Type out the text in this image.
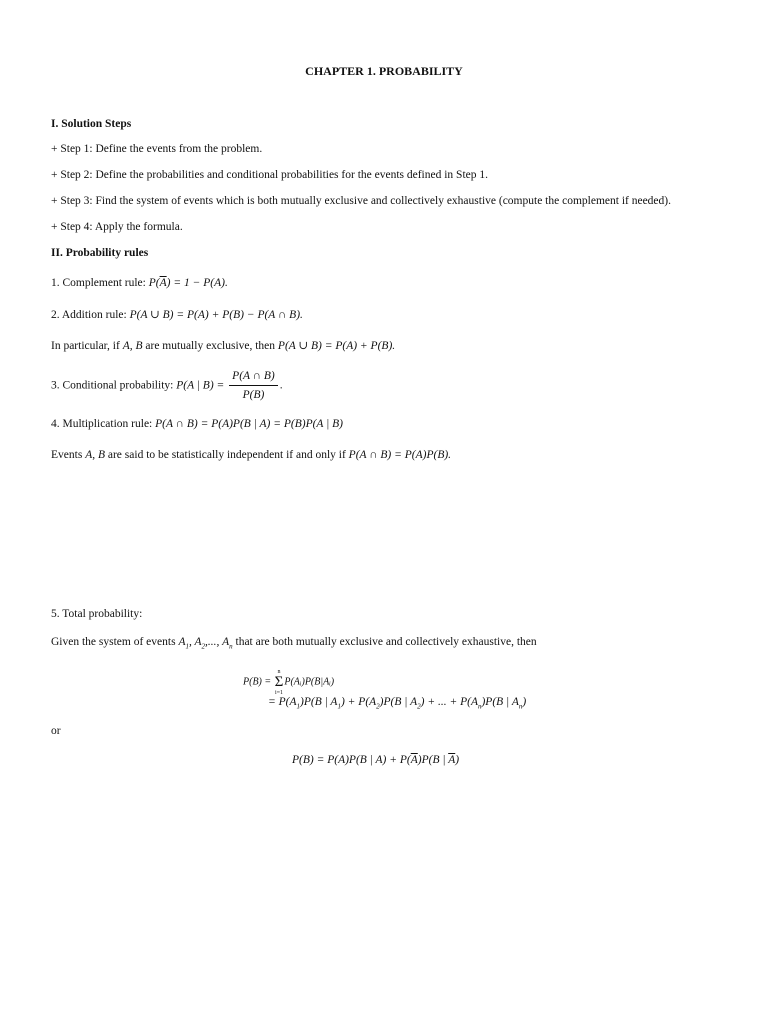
CHAPTER 1. PROBABILITY
I. Solution Steps
+ Step 1: Define the events from the problem.
+ Step 2: Define the probabilities and conditional probabilities for the events defined in Step 1.
+ Step 3: Find the system of events which is both mutually exclusive and collectively exhaustive (compute the complement if needed).
+ Step 4: Apply the formula.
II. Probability rules
1. Complement rule: $P(\overline{A}) = 1 - P(A)$.
2. Addition rule: P(A ∪ B) = P(A) + P(B) − P(A ∩ B).
In particular, if A, B are mutually exclusive, then P(A ∪ B) = P(A) + P(B).
3. Conditional probability: P(A | $B) = \frac{P(A \cap B)}{P(B)}$ .
4. Multiplication rule: P(A ∩ B) = P(A)P(B | A) = P(B)P(A | B)
Events A, B are said to be statistically independent if and only if P(A ∩ B) = P(A)P(B).
5. Total probability:
Given the system of events $A_1$, $A_2$,..., $A_n$ that are both mutually exclusive and collectively exhaustive, then
P(B) =
n
Σ
i=1
P(Aᵢ)P(B|Aᵢ)
= $P(A_1)P(B$ | $A_1) + P(A_2)P(B$ | $A_2$) + ... + $P(A_n)P(B$ | $A_n$)
or
P(B) = P(A)P(B | $A) + P(\overline{A})P(B$ | $\overline{A}$)
